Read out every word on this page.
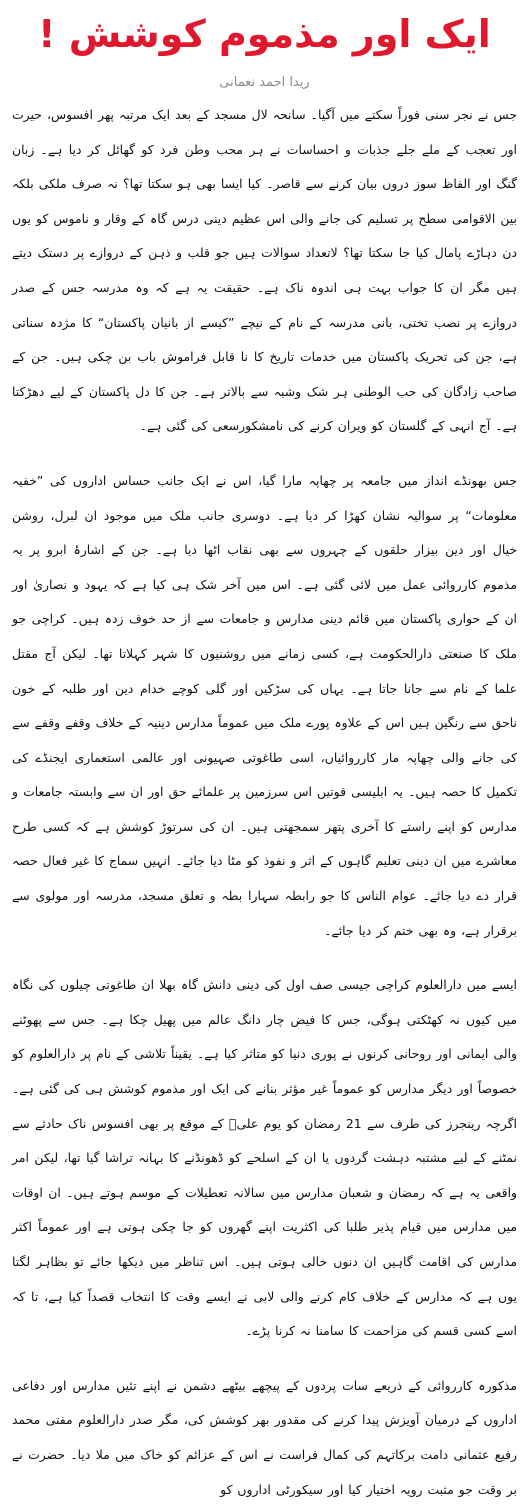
ایک اور مذموم کوشش !
ریدا احمد نعمانی

جس نے نجر سنی فوراً سکتے میں آگیا۔ سانحہ لال مسجد کے بعد ایک مرتبہ پھر افسوس، حیرت اور تعجب کے ملے جلے جذبات و احساسات نے ہر محب وطن فرد کو گھائل کر دیا ہے۔ زبان گنگ اور الفاظ سوز دروں بیان کرنے سے قاصر۔ کیا ایسا بھی ہو سکتا تھا؟ نہ صرف ملکی بلکہ بین الاقوامی سطح پر تسلیم کی جانے والی اس عظیم دینی درس گاہ کے وقار و ناموس کو یوں دن دہاڑے پامال کیا جا سکتا تھا؟ لاتعداد سوالات ہیں جو قلب و ذہن کے دروازے پر دستک دیتے ہیں مگر ان کا جواب بہت ہی اندوہ ناک ہے۔ حقیقت یہ ہے کہ وہ مدرسہ جس کے صدر دروازے پر نصب تختی، بانی مدرسہ کے نام کے نیچے ”کیسے از بانیان پاکستان“ کا مژدہ سناتی ہے، جن کی تحریک پاکستان میں خدمات تاریخ کا نا قابل فراموش باب بن چکی ہیں۔ جن کے صاحب زادگان کی حب الوطنی ہر شک وشبہ سے بالاتر ہے۔ جن کا دل پاکستان کے لیے دھڑکتا ہے۔ آج انہی کے گلستان کو ویران کرنے کی نامشکورسعی کی گئی ہے۔

جس بھونڈے انداز میں جامعہ پر چھاپہ مارا گیا، اس نے ایک جانب حساس اداروں کی ”خفیہ معلومات“ پر سوالیہ نشان کھڑا کر دیا ہے۔ دوسری جانب ملک میں موجود ان لبرل، روشن خیال اور دین بیزار حلقوں کے چہروں سے بھی نقاب اٹھا دیا ہے۔ جن کے اشارۂ ابرو پر یہ مذموم کارروائی عمل میں لائی گئی ہے۔ اس میں آخر شک ہی کیا ہے کہ یہود و نصاریٰ اور ان کے حواری پاکستان میں قائم دینی مدارس و جامعات سے از حد خوف زدہ ہیں۔ کراچی جو ملک کا صنعتی دارالحکومت ہے، کسی زمانے میں روشنیوں کا شہر کہلاتا تھا۔ لیکن آج مقتل علما کے نام سے جانا جاتا ہے۔ یہاں کی سڑکیں اور گلی کوچے خدام دین اور طلبہ کے خون ناحق سے رنگین ہیں اس کے علاوہ پورے ملک میں عموماً مدارس دینیہ کے خلاف وقفے وقفے سے کی جانے والی چھاپہ مار کارروائیاں، اسی طاغوتی صہیونی اور عالمی استعماری ایجنڈے کی تکمیل کا حصہ ہیں۔ یہ ابلیسی قوتیں اس سرزمین پر علمائے حق اور ان سے وابستہ جامعات و مدارس کو اپنے راستے کا آخری پتھر سمجھتی ہیں۔ ان کی سرتوڑ کوشش ہے کہ کسی طرح معاشرے میں ان دینی تعلیم گاہوں کے اثر و نفوذ کو مٹا دیا جائے۔ انہیں سماج کا غیر فعال حصہ قرار دے دیا جائے۔ عوام الناس کا جو رابطہ سہارا بطہ و تعلق مسجد، مدرسہ اور مولوی سے برقرار ہے، وہ بھی ختم کر دیا جائے۔

ایسے میں دارالعلوم کراچی جیسی صف اول کی دینی دانش گاہ بھلا ان طاغوتی چیلوں کی نگاہ میں کیوں نہ کھٹکتی ہوگی، جس کا فیض چار دانگ عالم میں پھیل چکا ہے۔ جس سے پھوٹنے والی ایمانی اور روحانی کرنوں نے پوری دنیا کو متاثر کیا ہے۔ یقیناً تلاشی کے نام پر دارالعلوم کو خصوصاً اور دیگر مدارس کو عموماً غیر مؤثر بنانے کی ایک اور مذموم کوشش ہی کی گئی ہے۔ اگرچہ رینجرز کی طرف سے 21 رمضان کو یوم علیؓ کے موقع پر بھی افسوس ناک حادثے سے نمٹنے کے لیے مشتبہ دہشت گردوں یا ان کے اسلحے کو ڈھونڈنے کا بہانہ تراشا گیا تھا، لیکن امر واقعی یہ ہے کہ رمضان و شعبان مدارس میں سالانہ تعطیلات کے موسم ہوتے ہیں۔ ان اوقات میں مدارس میں قیام پذیر طلبا کی اکثریت اپنے گھروں کو جا چکی ہوتی ہے اور عموماً اکثر مدارس کی اقامت گاہیں ان دنوں خالی ہوتی ہیں۔ اس تناظر میں دیکھا جائے تو بظاہر لگتا یوں ہے کہ مدارس کے خلاف کام کرنے والی لابی نے ایسے وقت کا انتخاب قصداً کیا ہے، تا کہ اسے کسی قسم کی مزاحمت کا سامنا نہ کرنا پڑے۔

مذکورہ کارروائی کے ذریعے سات پردوں کے پیچھے بیٹھے دشمن نے اپنے تئیں مدارس اور دفاعی اداروں کے درمیان آویزش پیدا کرنے کی مقدور بھر کوشش کی، مگر صدر دارالعلوم مفتی محمد رفیع عثمانی دامت برکاتہم کی کمال فراست نے اس کے عزائم کو خاک میں ملا دیا۔ حضرت نے بر وقت جو مثبت رویہ اختیار کیا اور سیکورٹی اداروں کو
